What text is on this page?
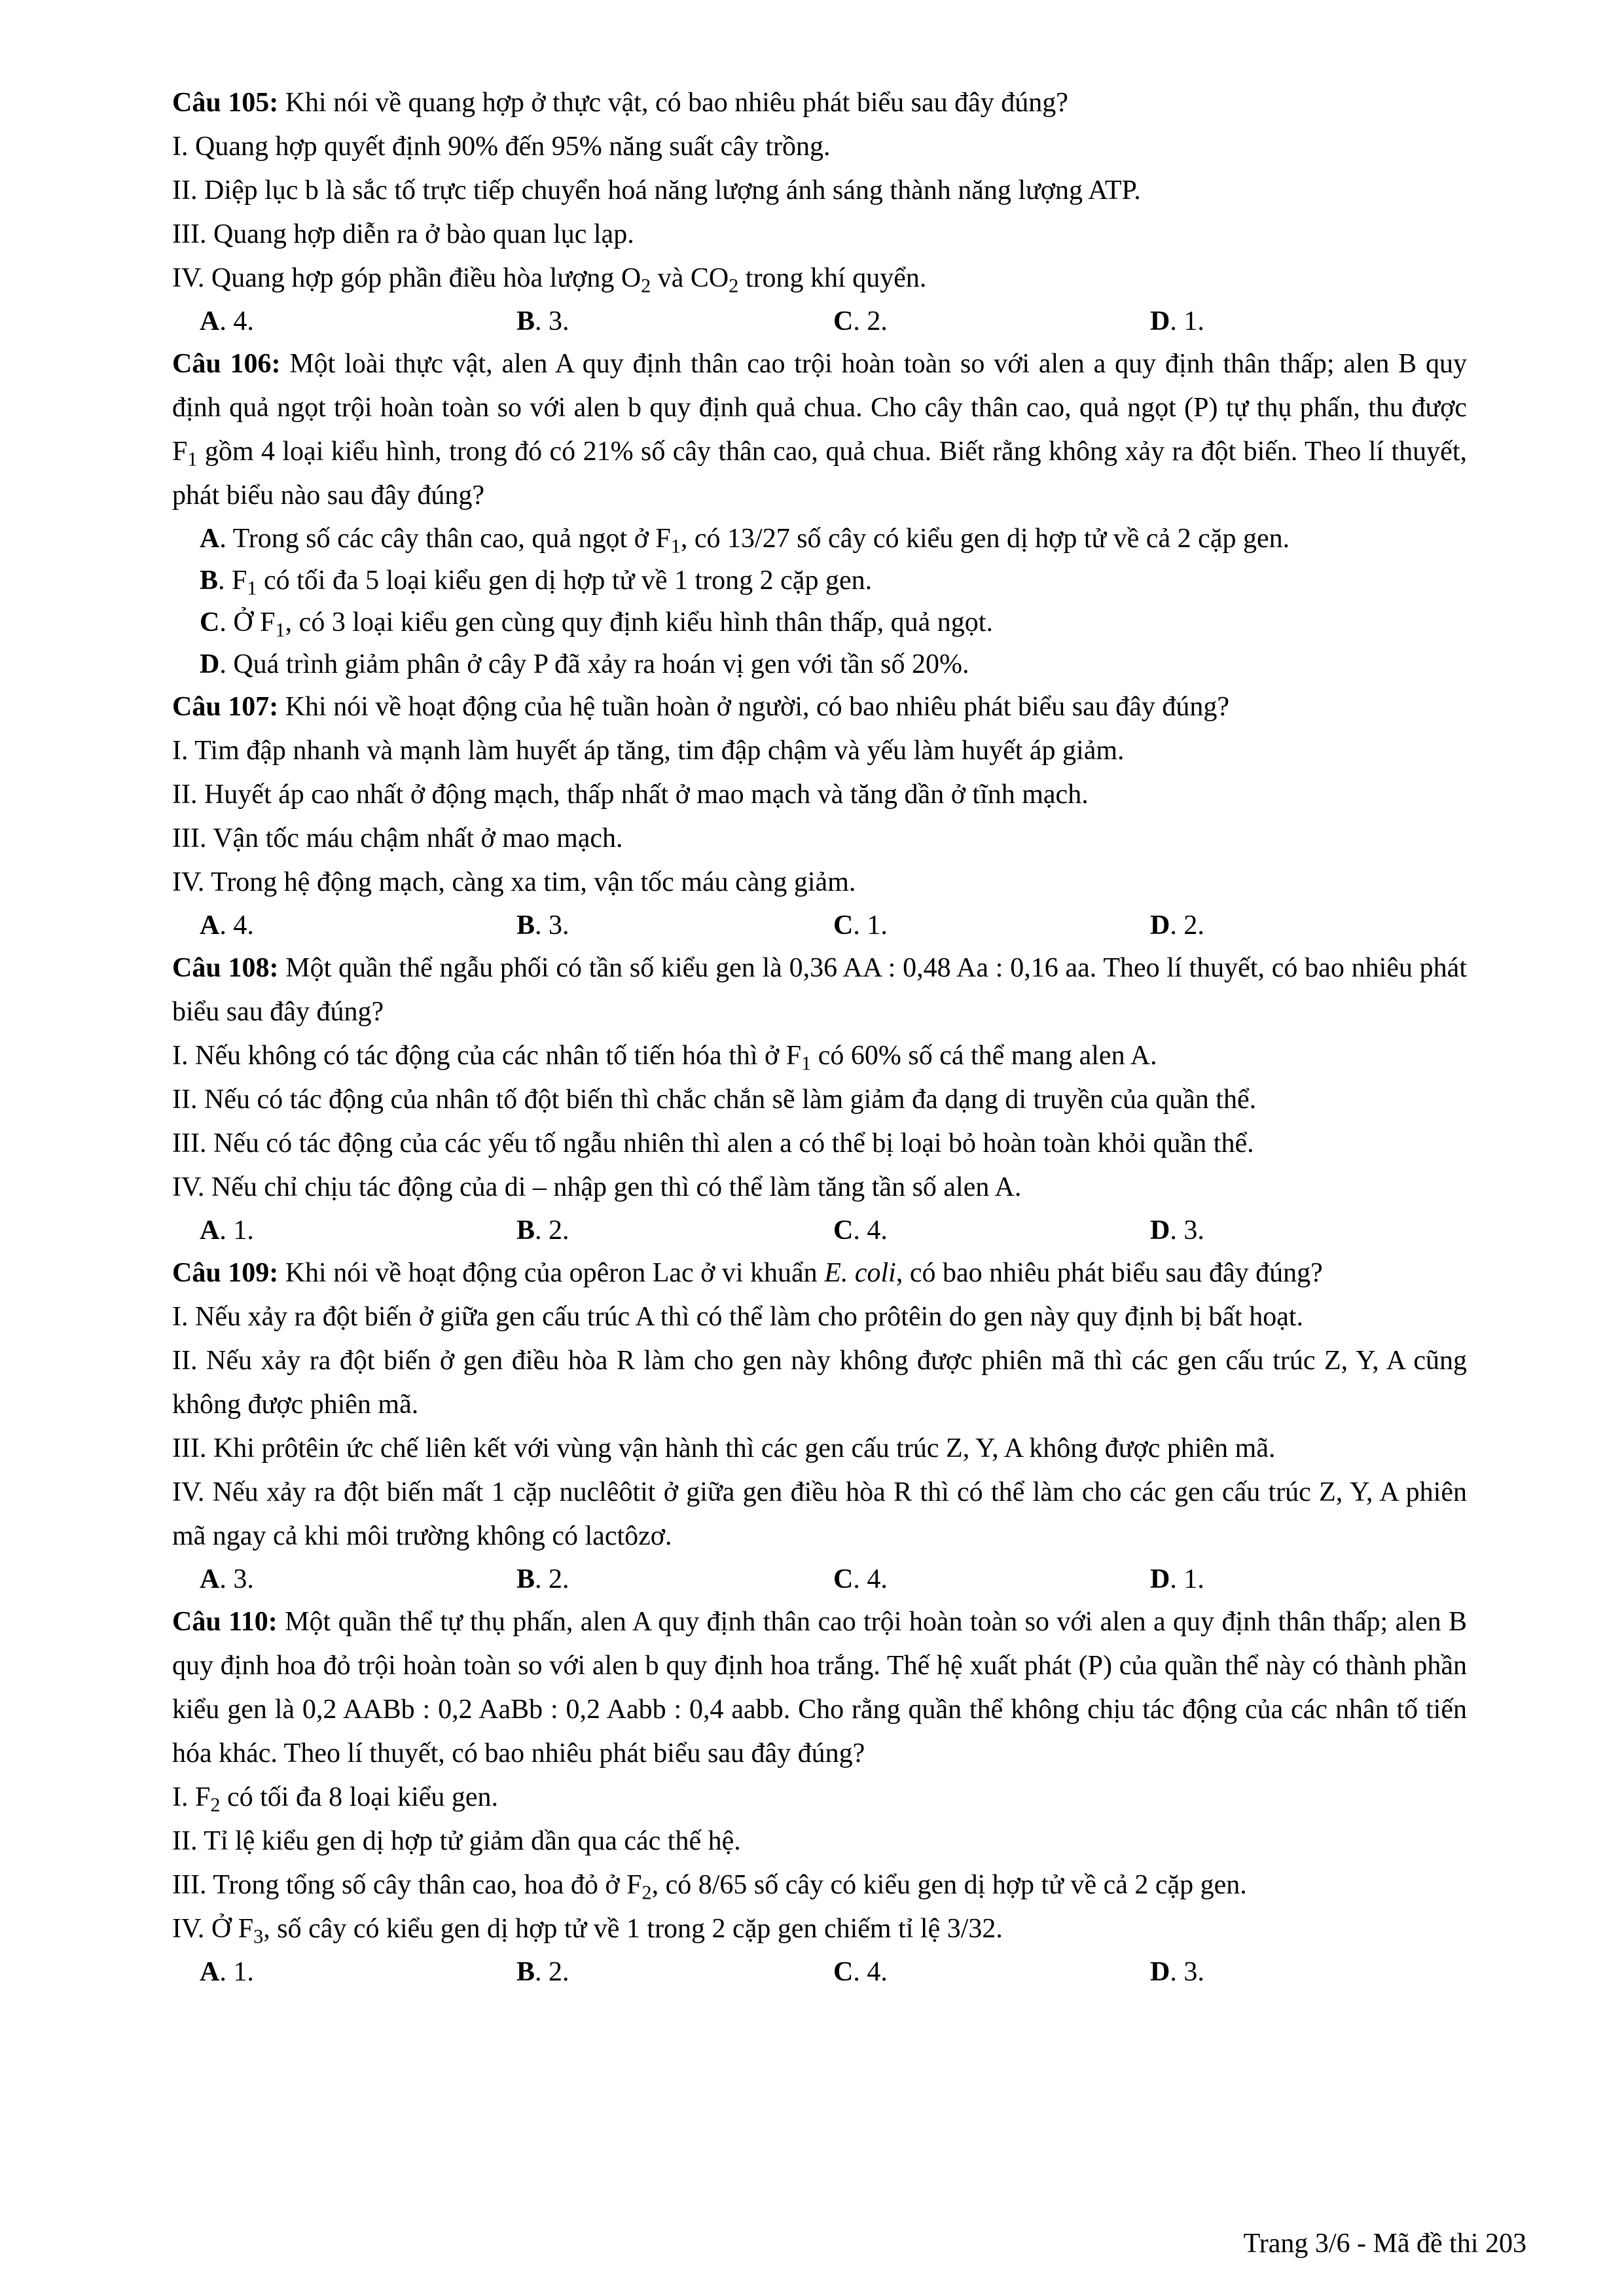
Câu 105: Khi nói về quang hợp ở thực vật, có bao nhiêu phát biểu sau đây đúng?
I. Quang hợp quyết định 90% đến 95% năng suất cây trồng.
II. Diệp lục b là sắc tố trực tiếp chuyển hoá năng lượng ánh sáng thành năng lượng ATP.
III. Quang hợp diễn ra ở bào quan lục lạp.
IV. Quang hợp góp phần điều hòa lượng $O_2$ và $CO_2$ trong khí quyển.
A. 4.	B. 3.	C. 2.	D. 1.
Câu 106: Một loài thực vật, alen A quy định thân cao trội hoàn toàn so với alen a quy định thân thấp; alen B quy định quả ngọt trội hoàn toàn so với alen b quy định quả chua. Cho cây thân cao, quả ngọt (P) tự thụ phấn, thu được $F_1$ gồm 4 loại kiểu hình, trong đó có 21% số cây thân cao, quả chua. Biết rằng không xảy ra đột biến. Theo lí thuyết, phát biểu nào sau đây đúng?
A. Trong số các cây thân cao, quả ngọt ở $F_1$, có 13/27 số cây có kiểu gen dị hợp tử về cả 2 cặp gen.
B. $F_1$ có tối đa 5 loại kiểu gen dị hợp tử về 1 trong 2 cặp gen.
C. Ở $F_1$, có 3 loại kiểu gen cùng quy định kiểu hình thân thấp, quả ngọt.
D. Quá trình giảm phân ở cây P đã xảy ra hoán vị gen với tần số 20%.
Câu 107: Khi nói về hoạt động của hệ tuần hoàn ở người, có bao nhiêu phát biểu sau đây đúng?
I. Tim đập nhanh và mạnh làm huyết áp tăng, tim đập chậm và yếu làm huyết áp giảm.
II. Huyết áp cao nhất ở động mạch, thấp nhất ở mao mạch và tăng dần ở tĩnh mạch.
III. Vận tốc máu chậm nhất ở mao mạch.
IV. Trong hệ động mạch, càng xa tim, vận tốc máu càng giảm.
A. 4.	B. 3.	C. 1.	D. 2.
Câu 108: Một quần thể ngẫu phối có tần số kiểu gen là 0,36 AA : 0,48 Aa : 0,16 aa. Theo lí thuyết, có bao nhiêu phát biểu sau đây đúng?
I. Nếu không có tác động của các nhân tố tiến hóa thì ở $F_1$ có 60% số cá thể mang alen A.
II. Nếu có tác động của nhân tố đột biến thì chắc chắn sẽ làm giảm đa dạng di truyền của quần thể.
III. Nếu có tác động của các yếu tố ngẫu nhiên thì alen a có thể bị loại bỏ hoàn toàn khỏi quần thể.
IV. Nếu chỉ chịu tác động của di – nhập gen thì có thể làm tăng tần số alen A.
A. 1.	B. 2.	C. 4.	D. 3.
Câu 109: Khi nói về hoạt động của opêron Lac ở vi khuẩn E. coli, có bao nhiêu phát biểu sau đây đúng?
I. Nếu xảy ra đột biến ở giữa gen cấu trúc A thì có thể làm cho prôtêin do gen này quy định bị bất hoạt.
II. Nếu xảy ra đột biến ở gen điều hòa R làm cho gen này không được phiên mã thì các gen cấu trúc Z, Y, A cũng không được phiên mã.
III. Khi prôtêin ức chế liên kết với vùng vận hành thì các gen cấu trúc Z, Y, A không được phiên mã.
IV. Nếu xảy ra đột biến mất 1 cặp nuclêôtit ở giữa gen điều hòa R thì có thể làm cho các gen cấu trúc Z, Y, A phiên mã ngay cả khi môi trường không có lactôzơ.
A. 3.	B. 2.	C. 4.	D. 1.
Câu 110: Một quần thể tự thụ phấn, alen A quy định thân cao trội hoàn toàn so với alen a quy định thân thấp; alen B quy định hoa đỏ trội hoàn toàn so với alen b quy định hoa trắng. Thế hệ xuất phát (P) của quần thể này có thành phần kiểu gen là 0,2 AABb : 0,2 AaBb : 0,2 Aabb : 0,4 aabb. Cho rằng quần thể không chịu tác động của các nhân tố tiến hóa khác. Theo lí thuyết, có bao nhiêu phát biểu sau đây đúng?
I. $F_2$ có tối đa 8 loại kiểu gen.
II. Tỉ lệ kiểu gen dị hợp tử giảm dần qua các thế hệ.
III. Trong tổng số cây thân cao, hoa đỏ ở $F_2$, có 8/65 số cây có kiểu gen dị hợp tử về cả 2 cặp gen.
IV. Ở $F_3$, số cây có kiểu gen dị hợp tử về 1 trong 2 cặp gen chiếm tỉ lệ 3/32.
A. 1.	B. 2.	C. 4.	D. 3.
Trang 3/6 - Mã đề thi 203
